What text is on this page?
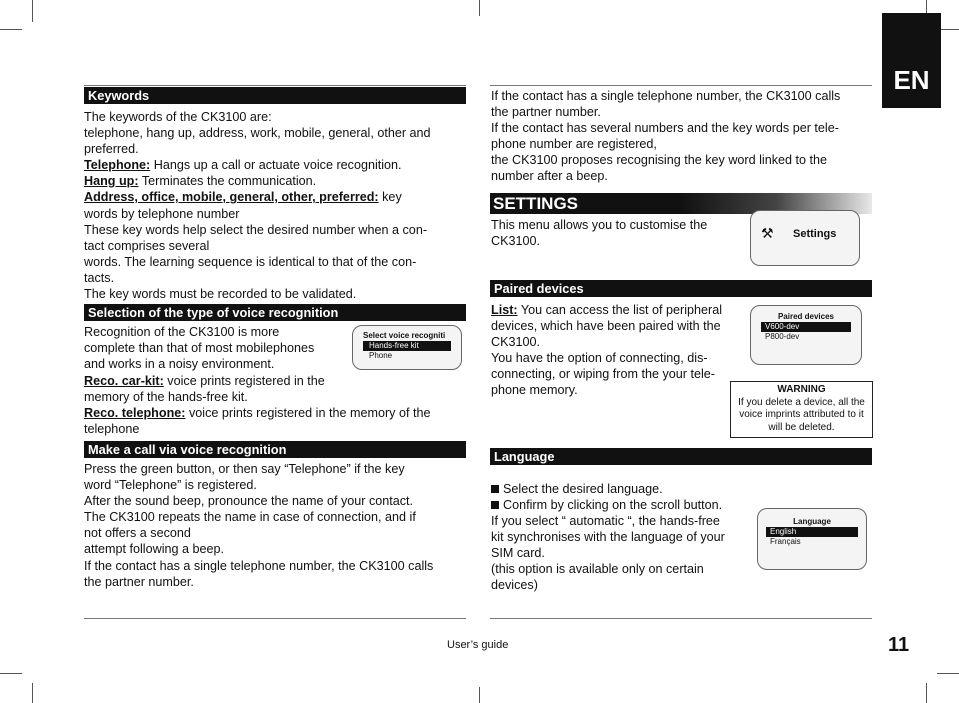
EN
Keywords

The keywords of the CK3100 are:

telephone, hang up, address, work, mobile, general, other and

preferred.

Telephone: Hangs up a call or actuate voice recognition.

Hang up: Terminates the communication.

Address, office, mobile, general, other, preferred: key

words by telephone number

These key words help select the desired number when a con-

tact comprises several

words. The learning sequence is identical to that of the con-

tacts.

The key words must be recorded to be validated.

Selection of the type of voice recognition

Recognition of the CK3100 is more

complete than that of most mobilephones

and works in a noisy environment.

Reco. car-kit: voice prints registered in the

memory of the hands-free kit.

Reco. telephone: voice prints registered in the memory of the

telephone

Select voice recogniti
Hands-free kit
Phone
Make a call via voice recognition

Press the green button, or then say “Telephone” if the key

word “Telephone” is registered.

After the sound beep, pronounce the name of your contact.

The CK3100 repeats the name in case of connection, and if

not offers a second

attempt following a beep.

If the contact has a single telephone number, the CK3100 calls

the partner number.

If the contact has a single telephone number, the CK3100 calls

the partner number.

If the contact has several numbers and the key words per tele-

phone number are registered,

the CK3100 proposes recognising the key word linked to the

number after a beep.

SETTINGS

This menu allows you to customise the

CK3100.	⚒ Settings
Paired devices

List: You can access the list of peripheral

devices, which have been paired with the

CK3100.

You have the option of connecting, dis-

connecting, or wiping from the your tele-

phone memory.

Paired devices
V600-dev
P800-dev
WARNING
If you delete a device, all the
voice imprints attributed to it
will be deleted.
Language

Select the desired language.

Confirm by clicking on the scroll button.

If you select “ automatic “, the hands-free

kit synchronises with the language of your

SIM card.

(this option is available only on certain

devices)

Language
English
Français
User’s guide	11
